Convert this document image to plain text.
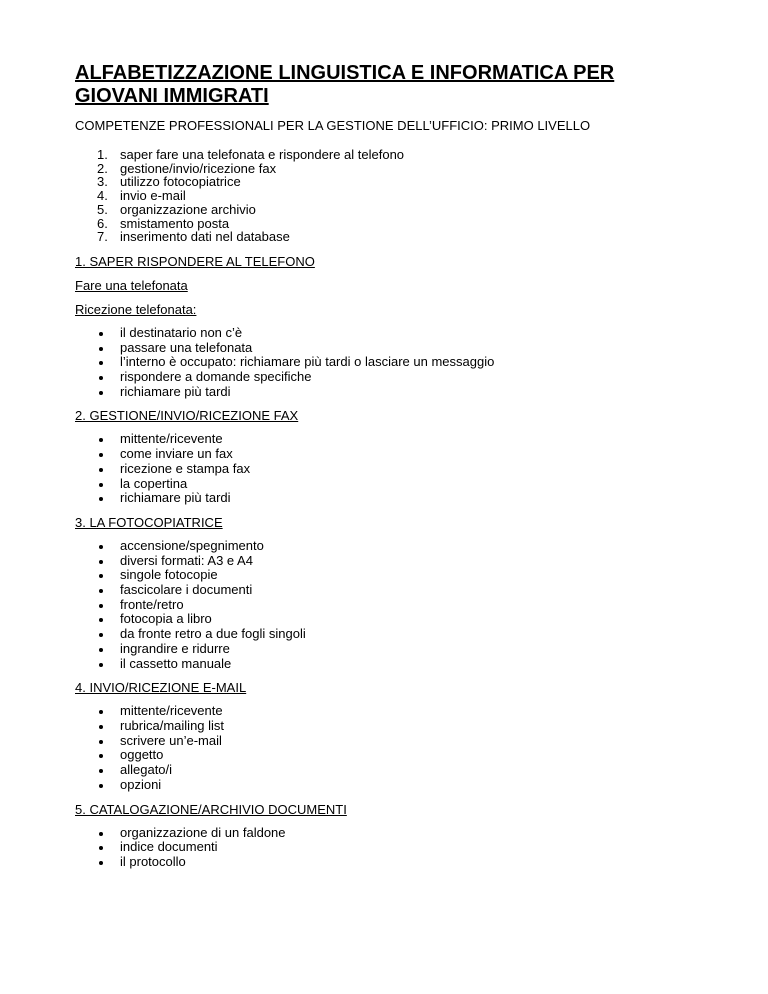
ALFABETIZZAZIONE LINGUISTICA E INFORMATICA PER GIOVANI IMMIGRATI
COMPETENZE PROFESSIONALI PER LA GESTIONE DELL’UFFICIO: PRIMO LIVELLO
1. saper fare una telefonata e rispondere al telefono
2. gestione/invio/ricezione fax
3. utilizzo fotocopiatrice
4. invio e-mail
5. organizzazione archivio
6. smistamento posta
7. inserimento dati nel database
1. SAPER RISPONDERE AL TELEFONO
Fare una telefonata
Ricezione telefonata:
il destinatario non c’è
passare una telefonata
l’interno è occupato: richiamare più tardi o lasciare un messaggio
rispondere a domande specifiche
richiamare più tardi
2. GESTIONE/INVIO/RICEZIONE FAX
mittente/ricevente
come inviare un fax
ricezione e stampa fax
la copertina
richiamare più tardi
3. LA FOTOCOPIATRICE
accensione/spegnimento
diversi formati: A3 e A4
singole fotocopie
fascicolare i documenti
fronte/retro
fotocopia a libro
da fronte retro a due fogli singoli
ingrandire e ridurre
il cassetto manuale
4. INVIO/RICEZIONE E-MAIL
mittente/ricevente
rubrica/mailing list
scrivere un’e-mail
oggetto
allegato/i
opzioni
5. CATALOGAZIONE/ARCHIVIO DOCUMENTI
organizzazione di un faldone
indice documenti
il protocollo
